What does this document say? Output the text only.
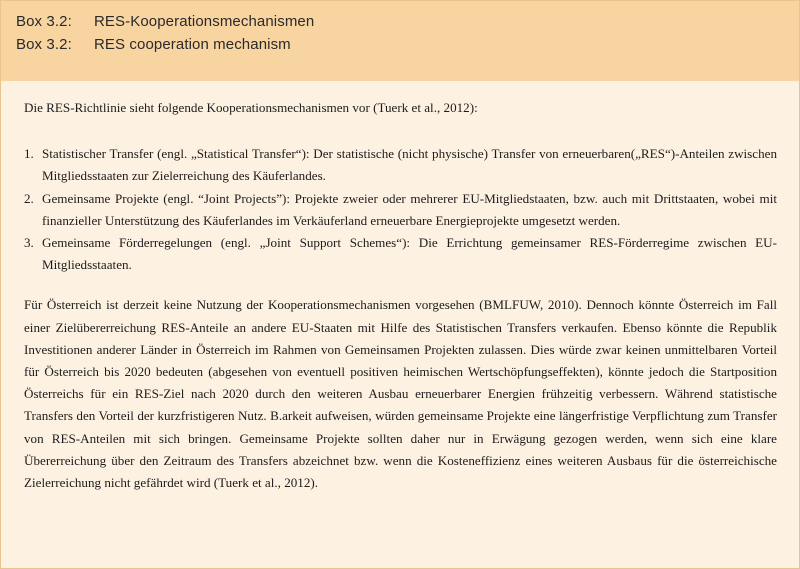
Box 3.2:	RES-Kooperationsmechanismen
Box 3.2:	RES cooperation mechanism

Die RES-Richtlinie sieht folgende Kooperationsmechanismen vor (Tuerk et al., 2012):

1. Statistischer Transfer (engl. „Statistical Transfer“): Der statistische (nicht physische) Transfer von erneuerbaren(„RES“)-Anteilen zwischen Mitgliedsstaaten zur Zielerreichung des Käuferlandes.
2. Gemeinsame Projekte (engl. “Joint Projects”): Projekte zweier oder mehrerer EU-Mitgliedstaaten, bzw. auch mit Drittstaaten, wobei mit finanzieller Unterstützung des Käuferlandes im Verkäuferland erneuerbare Energieprojekte umgesetzt werden.
3. Gemeinsame Förderregelungen (engl. „Joint Support Schemes“): Die Errichtung gemeinsamer RES-Förderregime zwischen EU-Mitgliedsstaaten.

Für Österreich ist derzeit keine Nutzung der Kooperationsmechanismen vorgesehen (BMLFUW, 2010). Dennoch könnte Österreich im Fall einer Zielübererreichung RES-Anteile an andere EU-Staaten mit Hilfe des Statistischen Transfers verkaufen. Ebenso könnte die Republik Investitionen anderer Länder in Österreich im Rahmen von Gemeinsamen Projekten zulassen. Dies würde zwar keinen unmittelbaren Vorteil für Österreich bis 2020 bedeuten (abgesehen von eventuell positiven heimischen Wertschöpfungseffekten), könnte jedoch die Startposition Österreichs für ein RES-Ziel nach 2020 durch den weiteren Ausbau erneuerbarer Energien frühzeitig verbessern. Während statistische Transfers den Vorteil der kurzfristigeren Nutz. B.arkeit aufweisen, würden gemeinsame Projekte eine längerfristige Verpflichtung zum Transfer von RES-Anteilen mit sich bringen. Gemeinsame Projekte sollten daher nur in Erwägung gezogen werden, wenn sich eine klare Übererreichung über den Zeitraum des Transfers abzeichnet bzw. wenn die Kosteneffizienz eines weiteren Ausbaus für die österreichische Zielerreichung nicht gefährdet wird (Tuerk et al., 2012).
